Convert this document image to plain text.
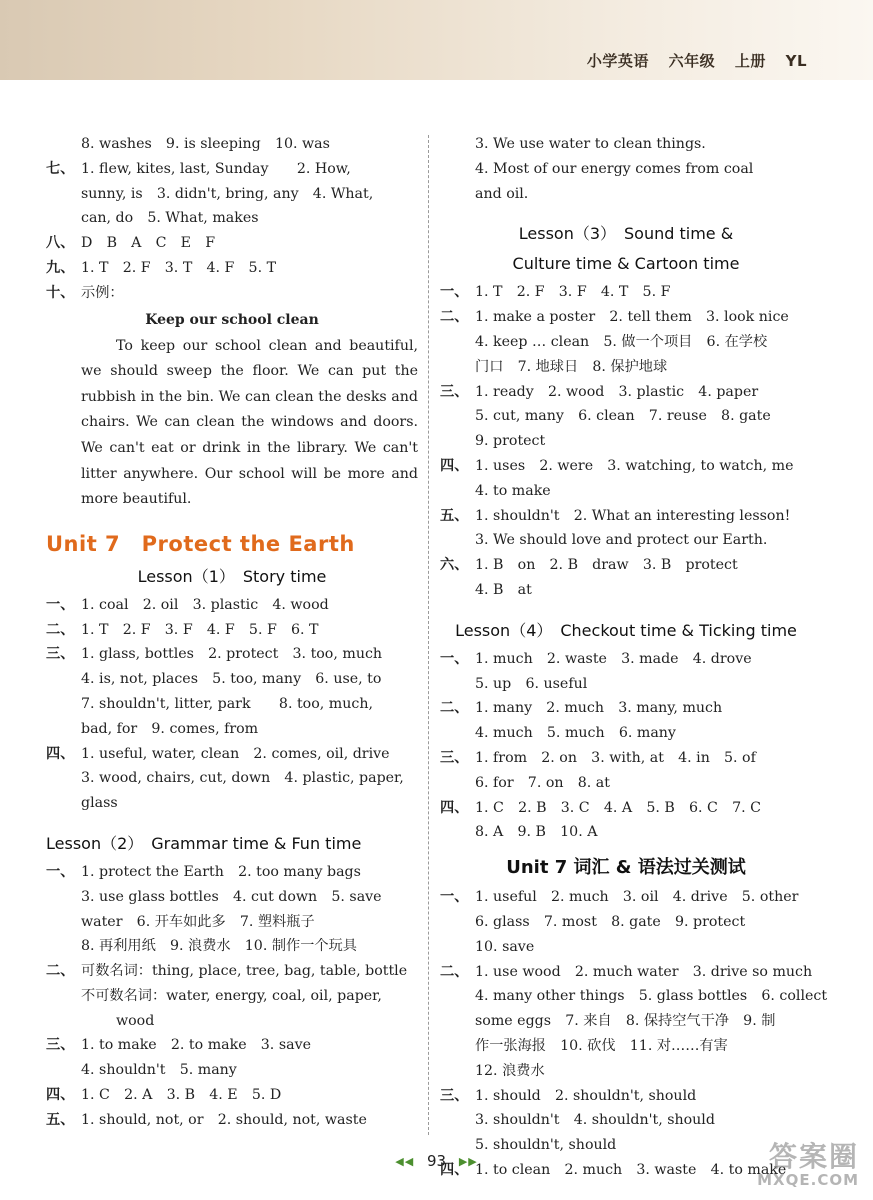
小学英语 六年级 上册 YL
8. washes　9. is sleeping　10. was
七、 1. flew, kites, last, Sunday　　2. How,
sunny, is　3. didn't, bring, any　4. What,
can, do　5. What, makes
八、 D　B　A　C　E　F
九、 1. T　2. F　3. T　4. F　5. T
十、 示例：
Keep our school clean

To keep our school clean and beautiful, we should sweep the floor. We can put the rubbish in the bin. We can clean the desks and chairs. We can clean the windows and doors. We can't eat or drink in the library. We can't litter anywhere. Our school will be more and more beautiful.

Unit 7　Protect the Earth
Lesson（1）　Story time
一、 1. coal　2. oil　3. plastic　4. wood
二、 1. T　2. F　3. F　4. F　5. F　6. T
三、 1. glass, bottles　2. protect　3. too, much
4. is, not, places　5. too, many　6. use, to
7. shouldn't, litter, park　　8. too, much,
bad, for　9. comes, from
四、 1. useful, water, clean　2. comes, oil, drive
3. wood, chairs, cut, down　4. plastic, paper,
glass
Lesson（2）　Grammar time & Fun time
一、 1. protect the Earth　2. too many bags
3. use glass bottles　4. cut down　5. save
water　6. 开车如此多　7. 塑料瓶子
8. 再利用纸　9. 浪费水　10. 制作一个玩具
二、 可数名词：thing, place, tree, bag, table, bottle
不可数名词：water, energy, coal, oil, paper,
wood
三、 1. to make　2. to make　3. save
4. shouldn't　5. many
四、 1. C　2. A　3. B　4. E　5. D
五、 1. should, not, or　2. should, not, waste
3. We use water to clean things.
4. Most of our energy comes from coal
and oil.
Lesson（3）　Sound time &
Culture time & Cartoon time
一、 1. T　2. F　3. F　4. T　5. F
二、 1. make a poster　2. tell them　3. look nice
4. keep … clean　5. 做一个项目　6. 在学校
门口　7. 地球日　8. 保护地球
三、 1. ready　2. wood　3. plastic　4. paper
5. cut, many　6. clean　7. reuse　8. gate
9. protect
四、 1. uses　2. were　3. watching, to watch, me
4. to make
五、 1. shouldn't　2. What an interesting lesson!
3. We should love and protect our Earth.
六、 1. B　on　2. B　draw　3. B　protect
4. B　at
Lesson（4）　Checkout time & Ticking time
一、 1. much　2. waste　3. made　4. drove
5. up　6. useful
二、 1. many　2. much　3. many, much
4. much　5. much　6. many
三、 1. from　2. on　3. with, at　4. in　5. of
6. for　7. on　8. at
四、 1. C　2. B　3. C　4. A　5. B　6. C　7. C
8. A　9. B　10. A
Unit 7 词汇 & 语法过关测试
一、 1. useful　2. much　3. oil　4. drive　5. other
6. glass　7. most　8. gate　9. protect
10. save
二、 1. use wood　2. much water　3. drive so much
4. many other things　5. glass bottles　6. collect
some eggs　7. 来自　8. 保持空气干净　9. 制
作一张海报　10. 砍伐　11. 对……有害
12. 浪费水
三、 1. should　2. shouldn't, should
3. shouldn't　4. shouldn't, should
5. shouldn't, should
四、 1. to clean　2. much　3. waste　4. to make
◀◀ 93 ▶▶	答案圈
MXQE.COM
